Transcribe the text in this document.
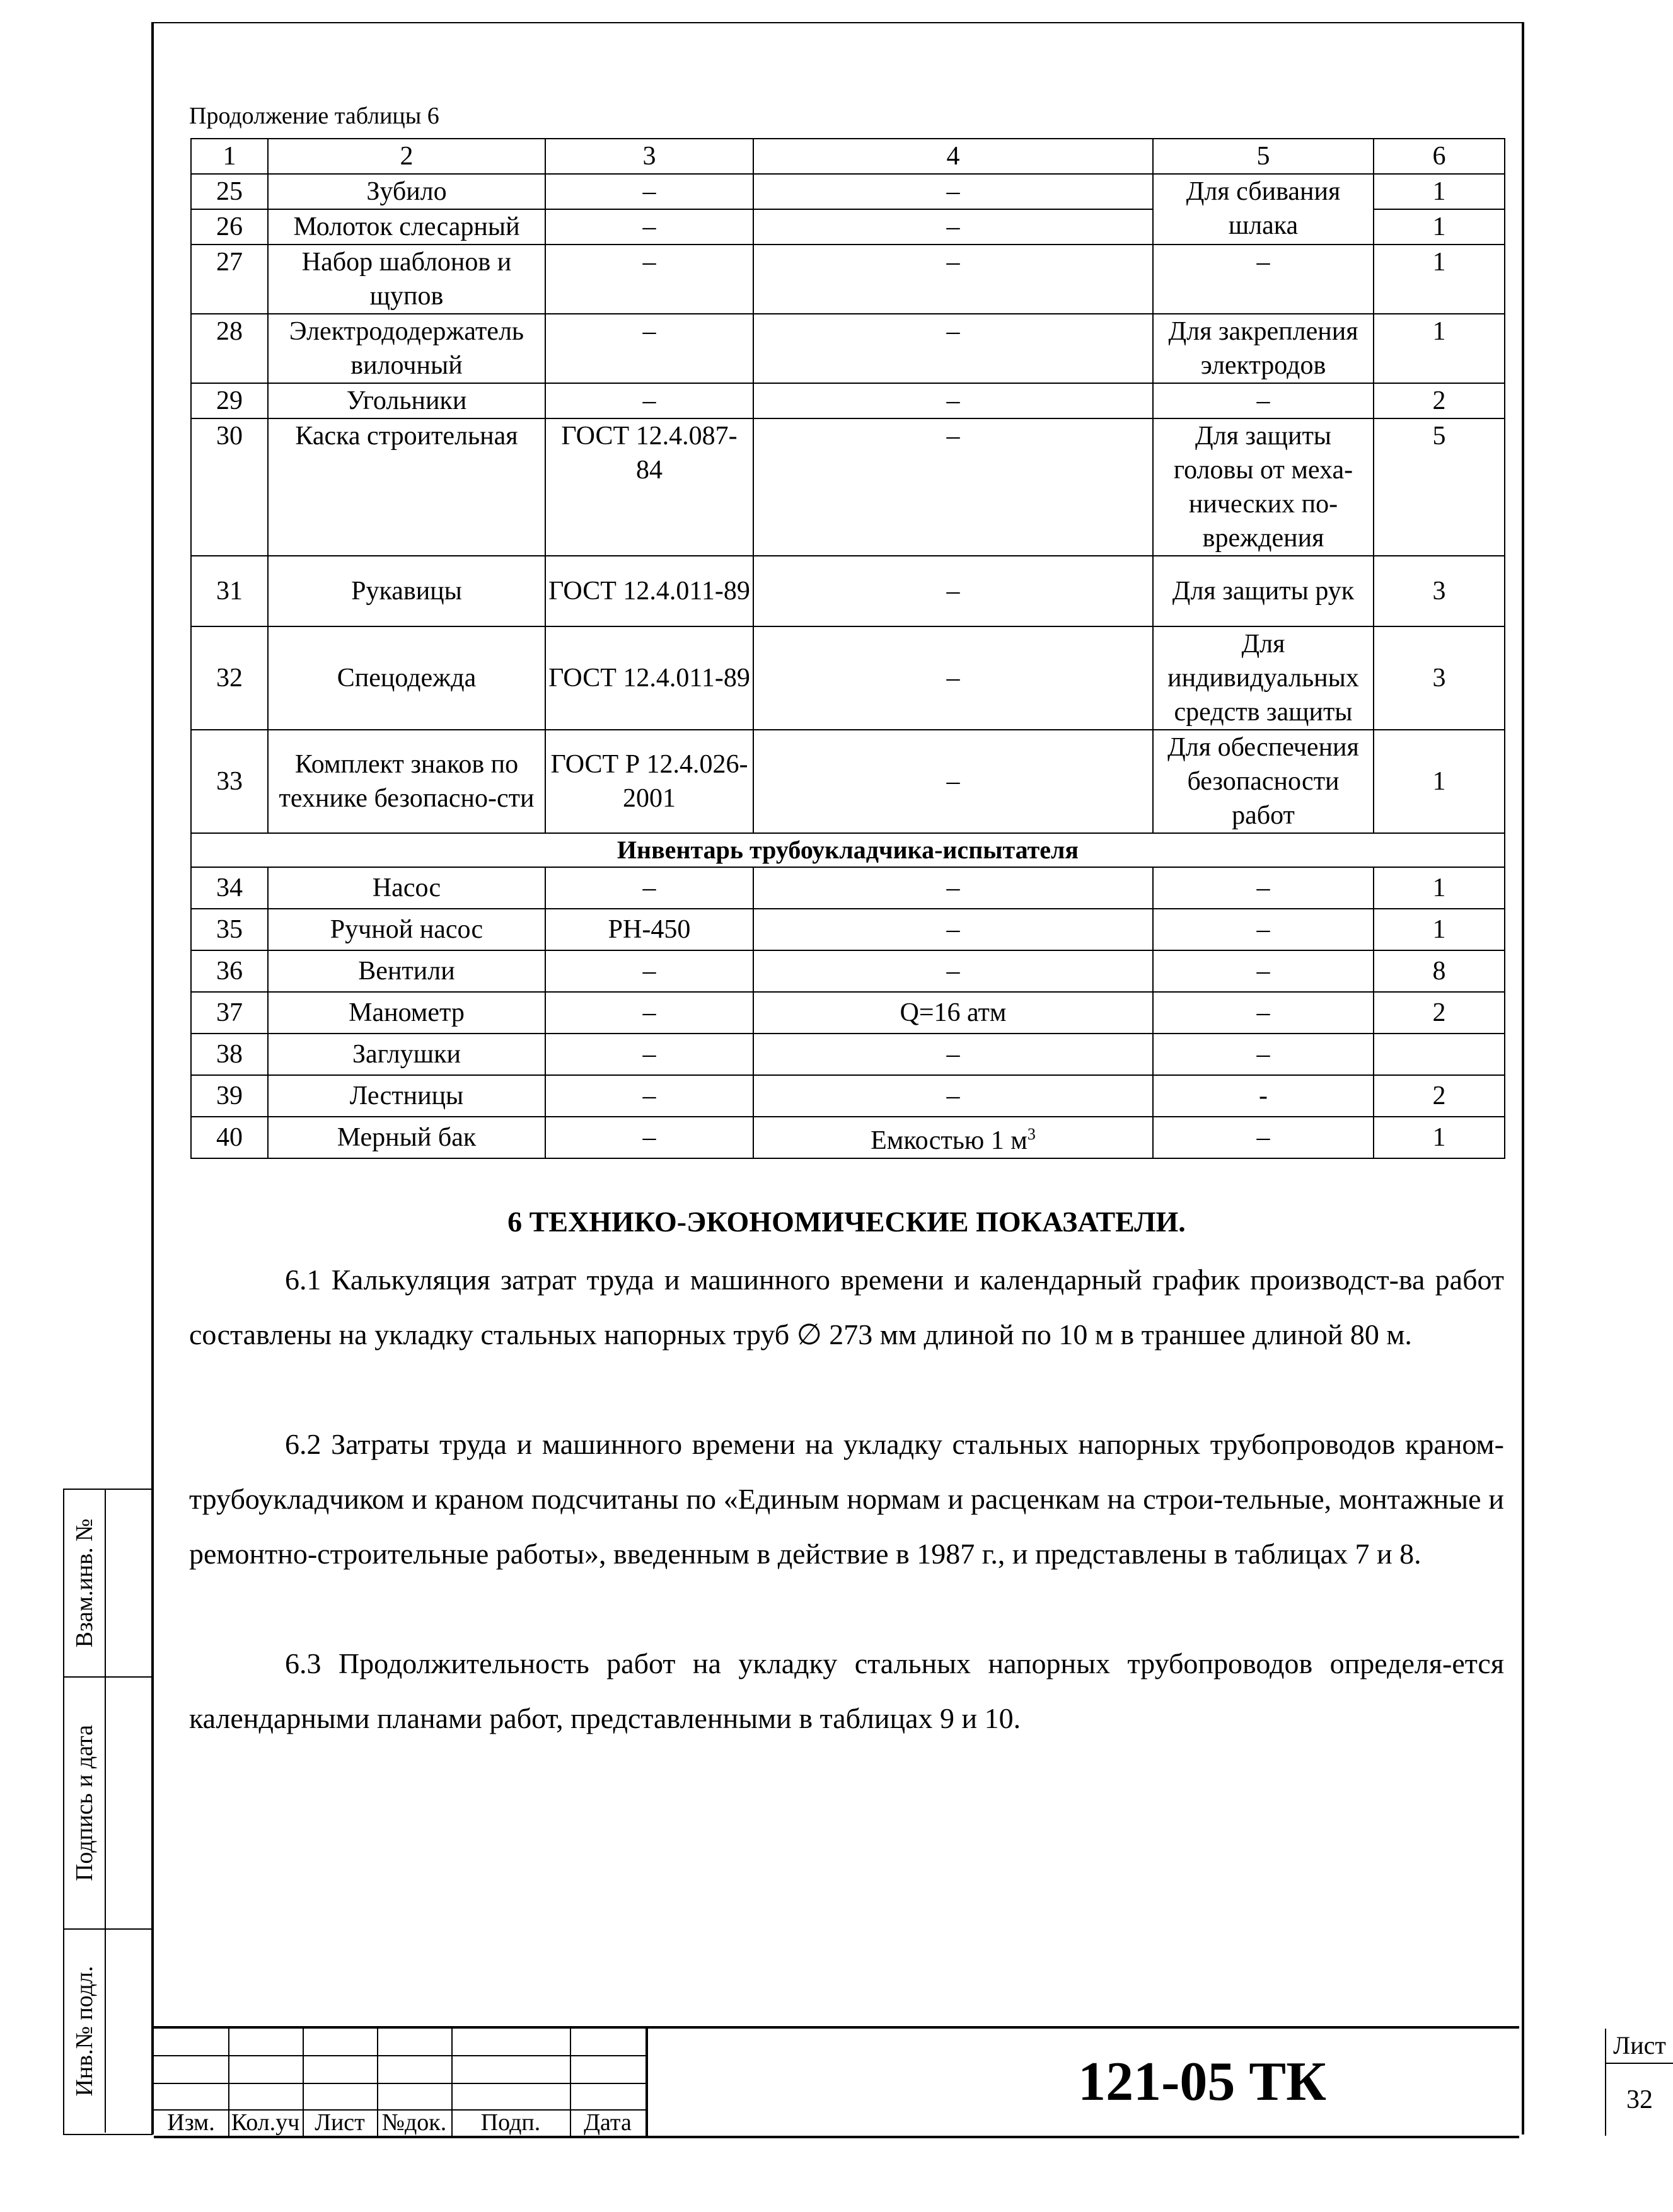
Продолжение таблицы 6
1	2	3	4	5	6
25	Зубило	–	–	Для сбивания шлака	1
26	Молоток слесарный	–	–		1
27	Набор шаблонов и щупов	–	–	–	1
28	Электрододержатель вилочный	–	–	Для закрепления электродов	1
29	Угольники	–	–	–	2
30	Каска строительная	ГОСТ 12.4.087-84	–	Для защиты головы от меха-нических по-вреждения	5
31	Рукавицы	ГОСТ 12.4.011-89	–	Для защиты рук	3
32	Спецодежда	ГОСТ 12.4.011-89	–	Для индивидуальных средств защиты	3
33	Комплект знаков по технике безопасно-сти	ГОСТ Р 12.4.026-2001	–	Для обеспечения безопасности работ	1
Инвентарь трубоукладчика-испытателя					
34	Насос	–	–	–	1
35	Ручной насос	РН-450	–	–	1
36	Вентили	–	–	–	8
37	Манометр	–	Q=16 атм	–	2
38	Заглушки	–	–	–	
39	Лестницы	–	–	-	2
40	Мерный бак	–	Емкостью 1 $м^3$	–	1
6 ТЕХНИКО-ЭКОНОМИЧЕСКИЕ ПОКАЗАТЕЛИ.
6.1 Калькуляция затрат труда и машинного времени и календарный график производст-ва работ составлены на укладку стальных напорных труб ∅ 273 мм длиной по 10 м в траншее длиной 80 м.
6.2 Затраты труда и машинного времени на укладку стальных напорных трубопроводов краном-трубоукладчиком и краном подсчитаны по «Единым нормам и расценкам на строи-тельные, монтажные и ремонтно-строительные работы», введенным в действие в 1987 г., и представлены в таблицах 7 и 8.
6.3 Продолжительность работ на укладку стальных напорных трубопроводов определя-ется календарными планами работ, представленными в таблицах 9 и 10.
Взам.инв. №
Подпись и дата
Инв.№ подл.
Изм. Кол.уч Лист №док.	Подп.	Дата
121-05 ТК
Лист
32
